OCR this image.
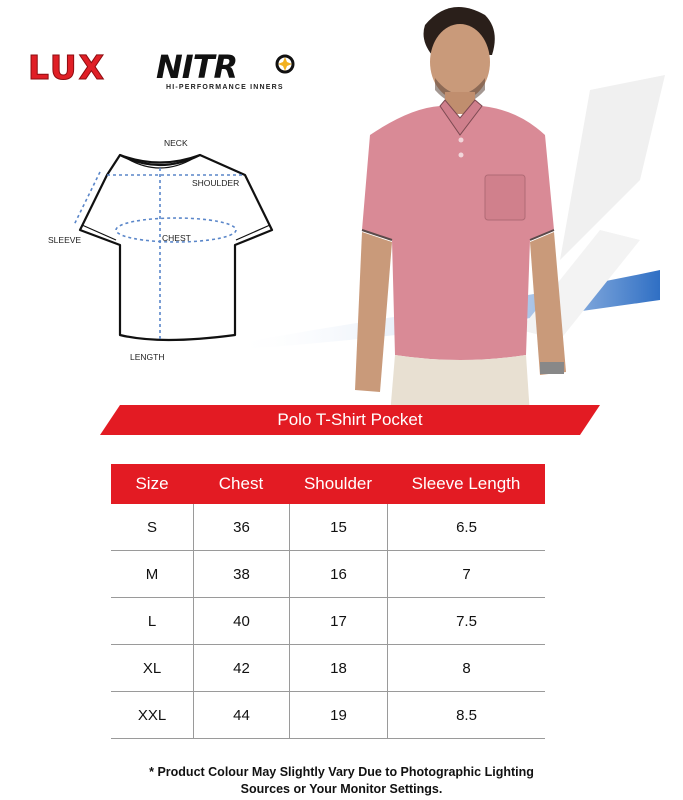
LUX NITR
HI-PERFORMANCE INNERS
NECK
SHOULDER
SLEEVE	CHEST
LENGTH
Polo T-Shirt Pocket
Size	Chest	Shoulder	Sleeve Length
S	36	15	6.5
M	38	16	7
L	40	17	7.5
XL	42	18	8
XXL	44	19	8.5
* Product Colour May Slightly Vary Due to Photographic Lighting
Sources or Your Monitor Settings.
